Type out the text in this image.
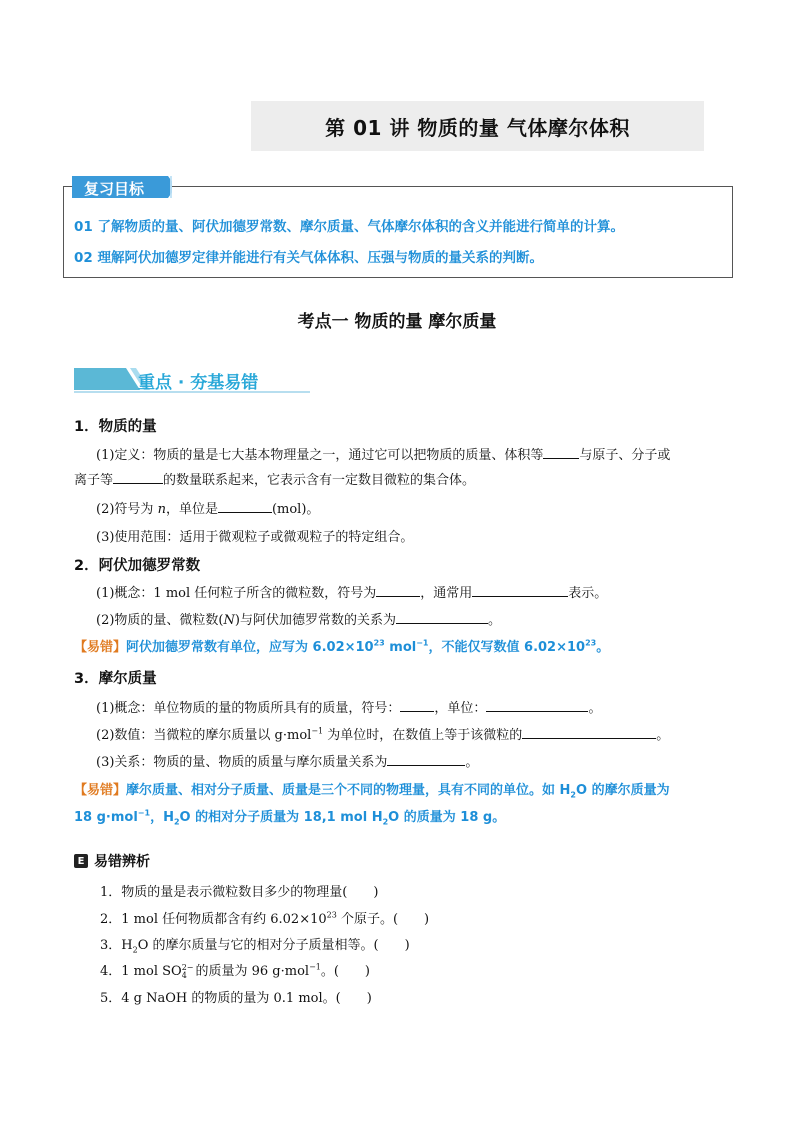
第 01 讲 物质的量 气体摩尔体积
复习目标
01 了解物质的量、阿伏加德罗常数、摩尔质量、气体摩尔体积的含义并能进行简单的计算。
02 理解阿伏加德罗定律并能进行有关气体体积、压强与物质的量关系的判断。
考点一 物质的量 摩尔质量
重点 · 夯基易错
1．物质的量
(1)定义：物质的量是七大基本物理量之一，通过它可以把物质的质量、体积等	与原子、分子或
离子等	的数量联系起来，它表示含有一定数目微粒的集合体。
(2)符号为 n，单位是	(mol)。
(3)使用范围：适用于微观粒子或微观粒子的特定组合。
2．阿伏加德罗常数
(1)概念：1 mol 任何粒子所含的微粒数，符号为	，通常用	表示。
(2)物质的量、微粒数(N)与阿伏加德罗常数的关系为	。
【易错】阿伏加德罗常数有单位，应写为 $6.02\times 10^{23}$ mol$^{-1}$，不能仅写数值 $6.02\times 10^{23}$。
3．摩尔质量
(1)概念：单位物质的量的物质所具有的质量，符号：	，单位：	。
(2)数值：当微粒的摩尔质量以 g·mol$^{-1}$ 为单位时，在数值上等于该微粒的	。
(3)关系：物质的量、物质的质量与摩尔质量关系为	。
【易错】摩尔质量、相对分子质量、质量是三个不同的物理量，具有不同的单位。如 $H_2O$ 的摩尔质量为
18 g·mol$^{-1}$，$H_2O$ 的相对分子质量为 18,1 mol $H_2O$ 的质量为 18 g。
E 易错辨析
1．物质的量是表示微粒数目多少的物理量(　　)
2．1 mol 任何物质都含有约 $6.02\times 10^{23}$ 个原子。(　　)
3．$H_2O$ 的摩尔质量与它的相对分子质量相等。(　　)
4．1 mol SO 2−
4 的质量为 96 g·mol$^{-1}$。(　　)
5．4 g NaOH 的物质的量为 0.1 mol。(　　)
